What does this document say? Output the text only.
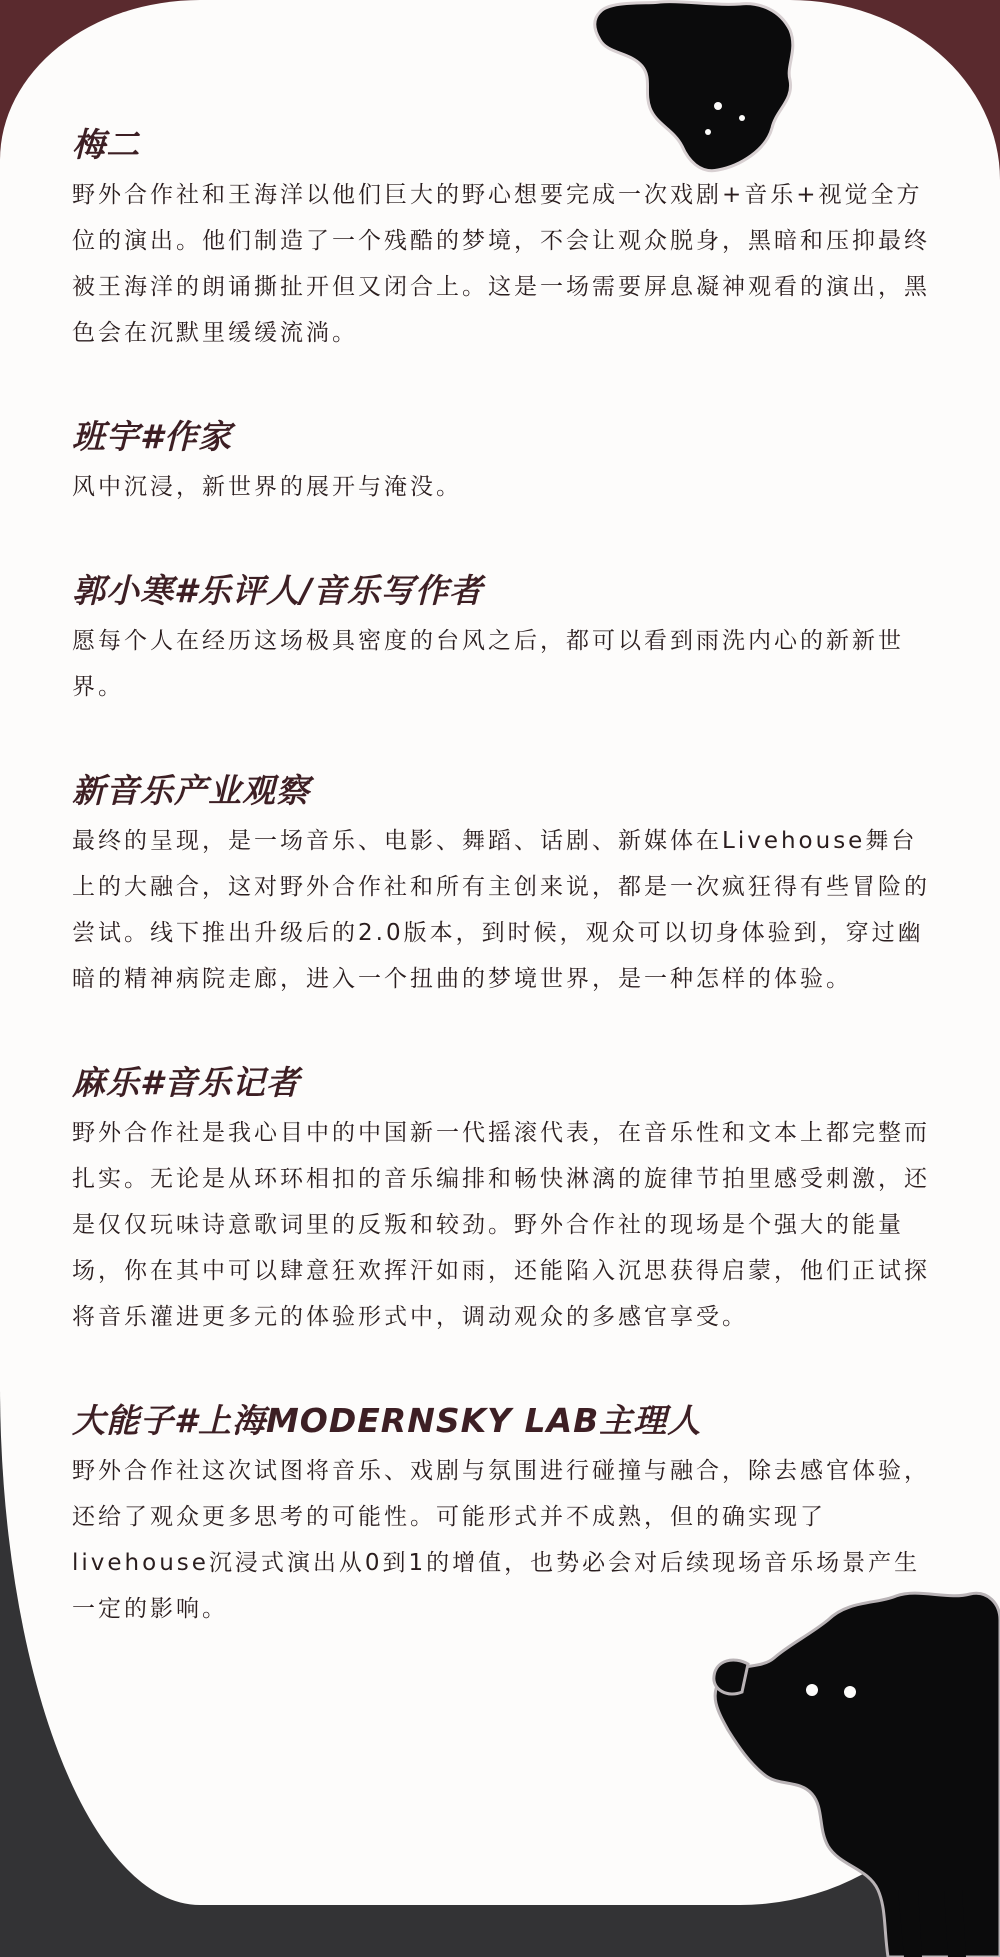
梅二

野外合作社和王海洋以他们巨大的野心想要完成一次戏剧+音乐+视觉全方位的演出。他们制造了一个残酷的梦境，不会让观众脱身，黑暗和压抑最终被王海洋的朗诵撕扯开但又闭合上。这是一场需要屏息凝神观看的演出，黑色会在沉默里缓缓流淌。

班宇#作家

风中沉浸，新世界的展开与淹没。

郭小寒#乐评人/音乐写作者

愿每个人在经历这场极具密度的台风之后，都可以看到雨洗内心的新新世界。

新音乐产业观察

最终的呈现，是一场音乐、电影、舞蹈、话剧、新媒体在Livehouse舞台上的大融合，这对野外合作社和所有主创来说，都是一次疯狂得有些冒险的尝试。线下推出升级后的2.0版本，到时候，观众可以切身体验到，穿过幽暗的精神病院走廊，进入一个扭曲的梦境世界，是一种怎样的体验。

麻乐#音乐记者

野外合作社是我心目中的中国新一代摇滚代表，在音乐性和文本上都完整而扎实。无论是从环环相扣的音乐编排和畅快淋漓的旋律节拍里感受刺激，还是仅仅玩味诗意歌词里的反叛和较劲。野外合作社的现场是个强大的能量场，你在其中可以肆意狂欢挥汗如雨，还能陷入沉思获得启蒙，他们正试探将音乐灌进更多元的体验形式中，调动观众的多感官享受。

大能子#上海MODERNSKY LAB主理人

野外合作社这次试图将音乐、戏剧与氛围进行碰撞与融合，除去感官体验，还给了观众更多思考的可能性。可能形式并不成熟，但的确实现了livehouse沉浸式演出从0到1的增值，也势必会对后续现场音乐场景产生一定的影响。
